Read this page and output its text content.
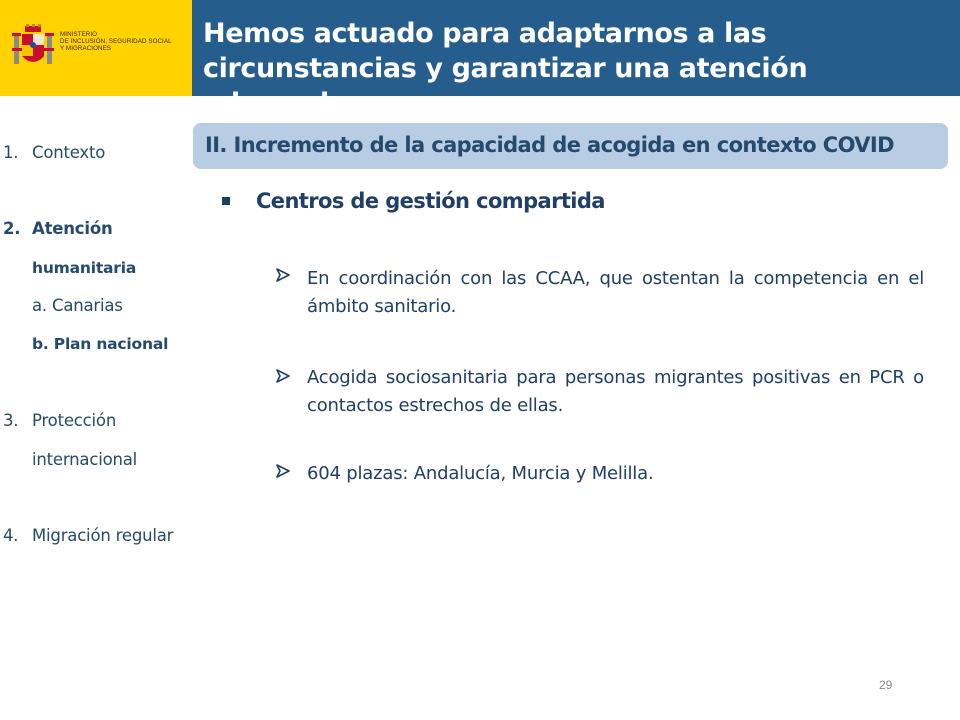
MINISTERIO
DE INCLUSIÓN, SEGURIDAD SOCIAL
Y MIGRACIONES	Hemos actuado para adaptarnos a las circunstancias y garantizar una atención adecuada
1. Contexto
2. Atención
humanitaria
a. Canarias
b. Plan nacional
3. Protección
internacional
4. Migración regular
II. Incremento de la capacidad de acogida en contexto COVID
Centros de gestión compartida
En coordinación con las CCAA, que ostentan la competencia en el ámbito sanitario.
Acogida sociosanitaria para personas migrantes positivas en PCR o contactos estrechos de ellas.
604 plazas: Andalucía, Murcia y Melilla.
29
